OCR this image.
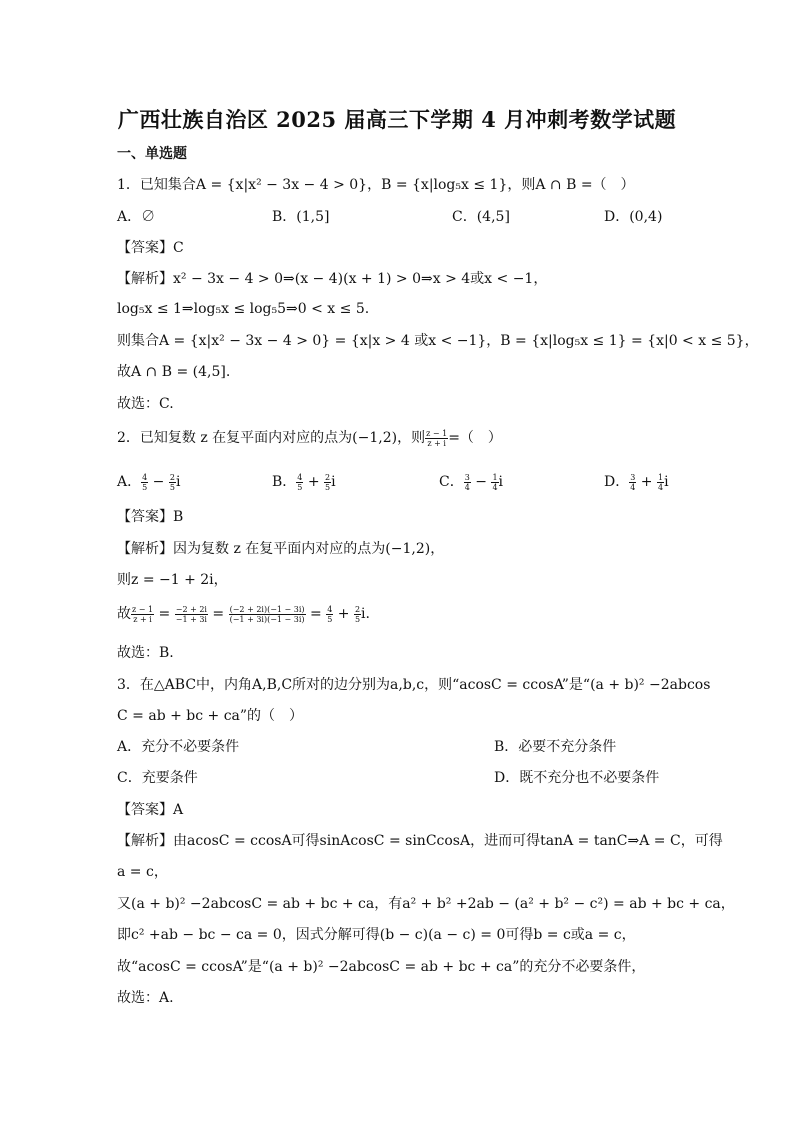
广西壮族自治区 2025 届高三下学期 4 月冲刺考数学试题
一、单选题
1．已知集合A = {x|x² − 3x − 4 > 0}，B = {x|log₅x ≤ 1}，则A ∩ B =（　）
A．∅	B．(1,5]	C．(4,5]	D．(0,4)
【答案】C
【解析】x² − 3x − 4 > 0⇒(x − 4)(x + 1) > 0⇒x > 4或x < −1，
log₅x ≤ 1⇒log₅x ≤ log₅5⇒0 < x ≤ 5.
则集合A = {x|x² − 3x − 4 > 0} = {x|x > 4 或x < −1}，B = {x|log₅x ≤ 1} = {x|0 < x ≤ 5}，
故A ∩ B = (4,5].
故选：C.
2．已知复数 z 在复平面内对应的点为(−1,2)，则 $\frac{z - 1}{z + i}$ =（　）
A． $\frac{4}{5} - \frac{2}{5}$ i	B． $\frac{4}{5} + \frac{2}{5}$ i	C． $\frac{3}{4} - \frac{1}{4}$ i	D． $\frac{3}{4} + \frac{1}{4}$ i
【答案】B
【解析】因为复数 z 在复平面内对应的点为(−1,2)，
则z = −1 + 2i，
故 $\frac{z - 1}{z + i} = \frac{-2 + 2i}{-1 + 3i} = \frac{(-2 + 2i)(-1 - 3i)}{(-1 + 3i)(-1 - 3i)} = \frac{4}{5} + \frac{2}{5} i$.
故选：B.
3．在△ABC中，内角A,B,C所对的边分别为a,b,c，则“acosC = ccosA”是“(a + b)² −2abcos
C = ab + bc + ca”的（　）
A．充分不必要条件	B．必要不充分条件
C．充要条件	D．既不充分也不必要条件
【答案】A
【解析】由acosC = ccosA可得sinAcosC = sinCcosA，进而可得tanA = tanC⇒A = C，可得
a = c，
又(a + b)² −2abcosC = ab + bc + ca，有a² + b² +2ab − (a² + b² − c²) = ab + bc + ca，
即c² +ab − bc − ca = 0，因式分解可得(b − c)(a − c) = 0可得b = c或a = c，
故“acosC = ccosA”是“(a + b)² −2abcosC = ab + bc + ca”的充分不必要条件，
故选：A.
